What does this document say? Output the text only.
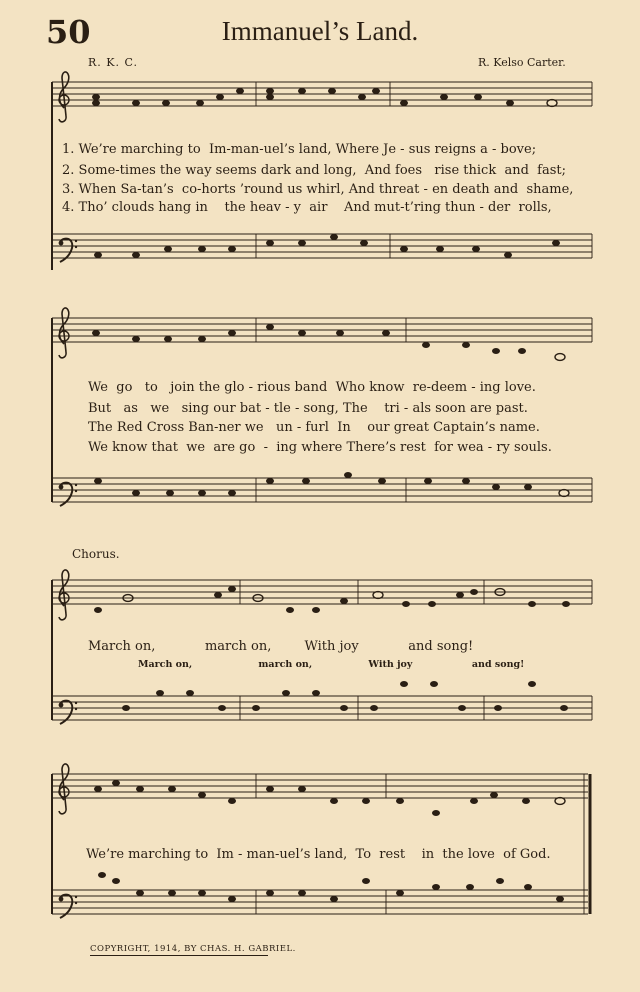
50	Immanuel’s Land.
R. K. C.	R. Kelso Carter.
1. We’re marching to  Im-man-uel’s land, Where Je - sus reigns a - bove;
2. Some-times the way seems dark and long,  And foes   rise thick  and  fast;
3. When Sa-tan’s  co-horts ’round us whirl, And threat - en death and  shame,
4. Tho’ clouds hang in    the heav - y  air    And mut-t’ring thun - der  rolls,
We  go   to   join the glo - rious band  Who know  re-deem - ing love.
But   as   we   sing our bat - tle - song, The    tri - als soon are past.
The Red Cross Ban-ner we   un - furl  In    our great Captain’s name.
We know that  we  are go  -  ing where There’s rest  for wea - ry souls.
Chorus.
March on,            march on,        With joy            and song!
March on,                    march on,                 With joy                  and song!
We’re marching to  Im - man-uel’s land,  To  rest    in  the love  of God.
COPYRIGHT, 1914, BY CHAS. H. GABRIEL.
